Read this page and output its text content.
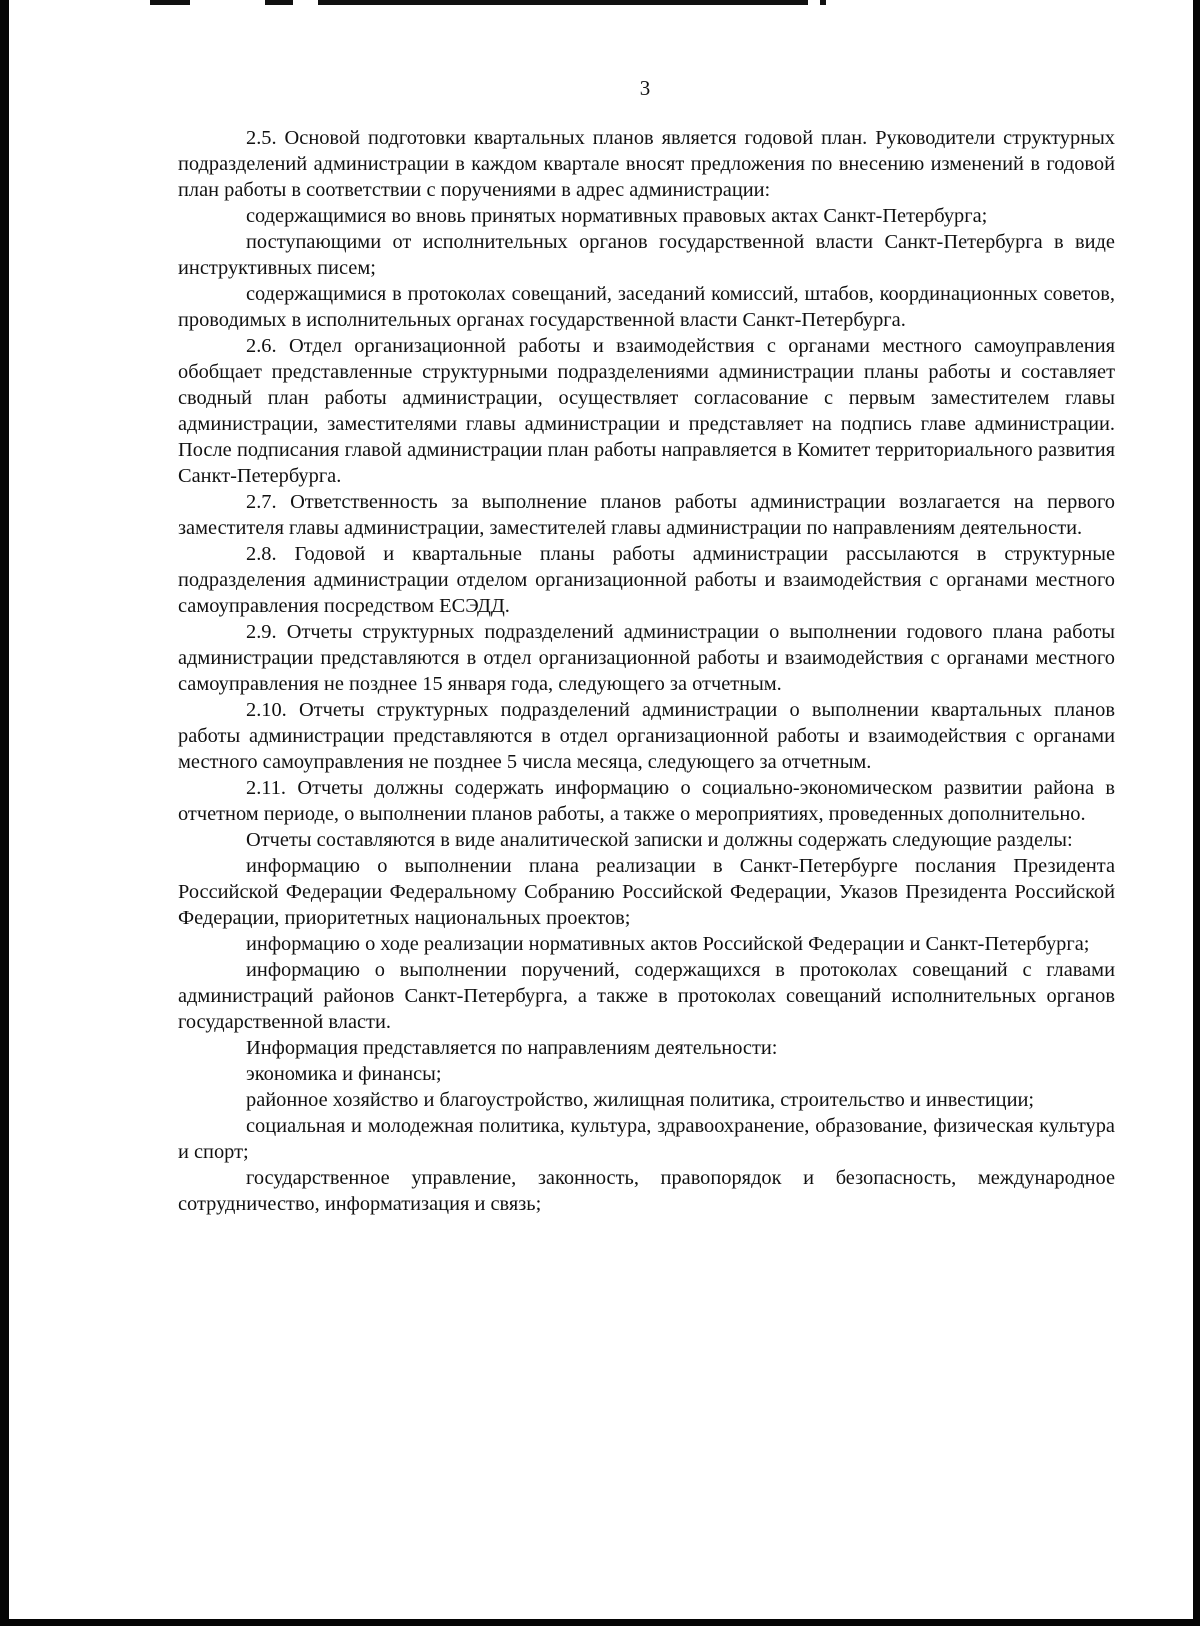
3

2.5. Основой подготовки квартальных планов является годовой план. Руководители структурных подразделений администрации в каждом квартале вносят предложения по внесению изменений в годовой план работы в соответствии с поручениями в адрес администрации:

содержащимися во вновь принятых нормативных правовых актах Санкт-Петербурга;

поступающими от исполнительных органов государственной власти Санкт-Петербурга в виде инструктивных писем;

содержащимися в протоколах совещаний, заседаний комиссий, штабов, координационных советов, проводимых в исполнительных органах государственной власти Санкт-Петербурга.

2.6. Отдел организационной работы и взаимодействия с органами местного самоуправления обобщает представленные структурными подразделениями администрации планы работы и составляет сводный план работы администрации, осуществляет согласование с первым заместителем главы администрации, заместителями главы администрации и представляет на подпись главе администрации. После подписания главой администрации план работы направляется в Комитет территориального развития Санкт-Петербурга.

2.7. Ответственность за выполнение планов работы администрации возлагается на первого заместителя главы администрации, заместителей главы администрации по направлениям деятельности.

2.8. Годовой и квартальные планы работы администрации рассылаются в структурные подразделения администрации отделом организационной работы и взаимодействия с органами местного самоуправления посредством ЕСЭДД.

2.9. Отчеты структурных подразделений администрации о выполнении годового плана работы администрации представляются в отдел организационной работы и взаимодействия с органами местного самоуправления не позднее 15 января года, следующего за отчетным.

2.10. Отчеты структурных подразделений администрации о выполнении квартальных планов работы администрации представляются в отдел организационной работы и взаимодействия с органами местного самоуправления не позднее 5 числа месяца, следующего за отчетным.

2.11. Отчеты должны содержать информацию о социально-экономическом развитии района в отчетном периоде, о выполнении планов работы, а также о мероприятиях, проведенных дополнительно.

Отчеты составляются в виде аналитической записки и должны содержать следующие разделы:

информацию о выполнении плана реализации в Санкт-Петербурге послания Президента Российской Федерации Федеральному Собранию Российской Федерации, Указов Президента Российской Федерации, приоритетных национальных проектов;

информацию о ходе реализации нормативных актов Российской Федерации и Санкт-Петербурга;

информацию о выполнении поручений, содержащихся в протоколах совещаний с главами администраций районов Санкт-Петербурга, а также в протоколах совещаний исполнительных органов государственной власти.

Информация представляется по направлениям деятельности:

экономика и финансы;

районное хозяйство и благоустройство, жилищная политика, строительство и инвестиции;

социальная и молодежная политика, культура, здравоохранение, образование, физическая культура и спорт;

государственное управление, законность, правопорядок и безопасность, международное сотрудничество, информатизация и связь;
